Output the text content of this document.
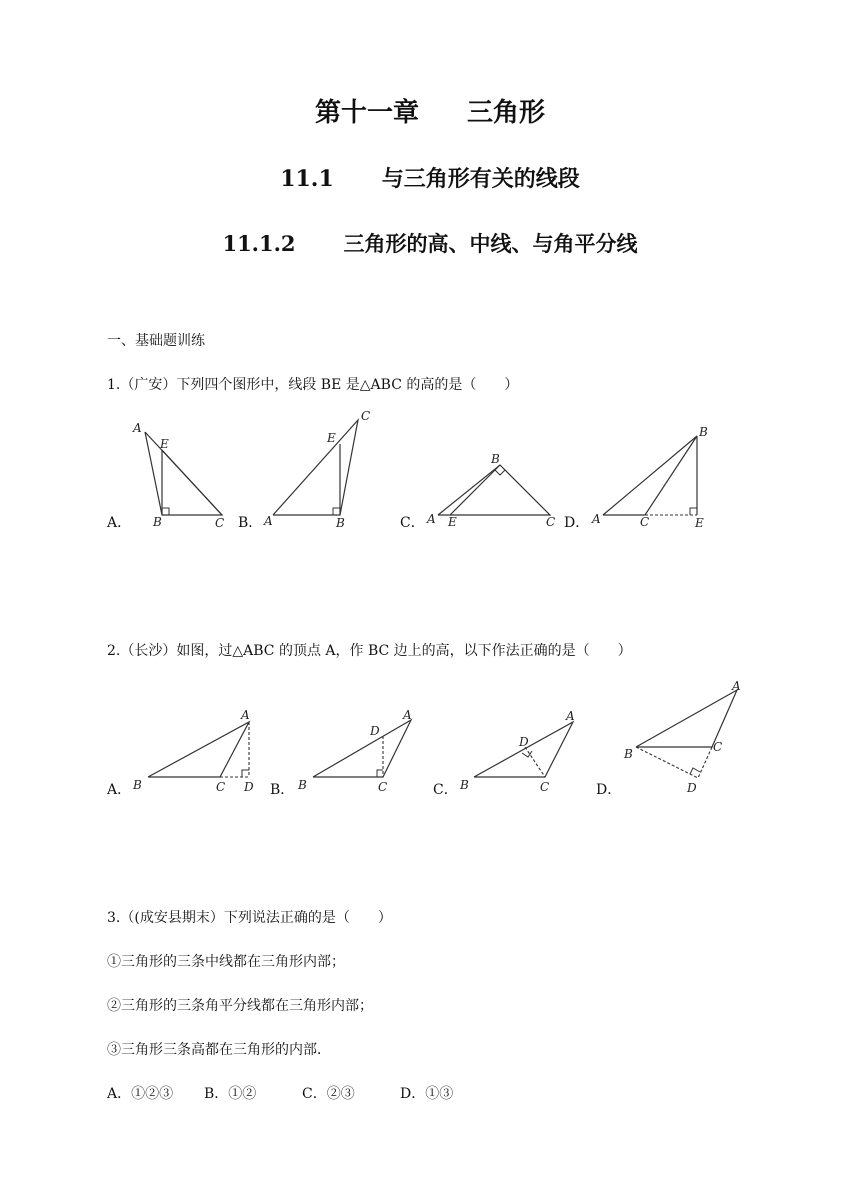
第十一章 三角形
11.1 与三角形有关的线段
11.1.2 三角形的高、中线、与角平分线
一、基础题训练
1.（广安）下列四个图形中，线段 BE 是△ABC 的高的是（　　）
A．	B．	C．	D．
A
E
B	C
C
E
A	B
B
A E	C
B
A	C	E
2.（长沙）如图，过△ABC 的顶点 A，作 BC 边上的高，以下作法正确的是（　　）
A．	B．	C．	D．
A
B	C D
D
A
B	C
D
A
B	C
A
B	C
D
3.（(成安县期末）下列说法正确的是（　　）
①三角形的三条中线都在三角形内部；
②三角形的三条角平分线都在三角形内部；
③三角形三条高都在三角形的内部．
A．①②③ B．①②	C．②③	D．①③
